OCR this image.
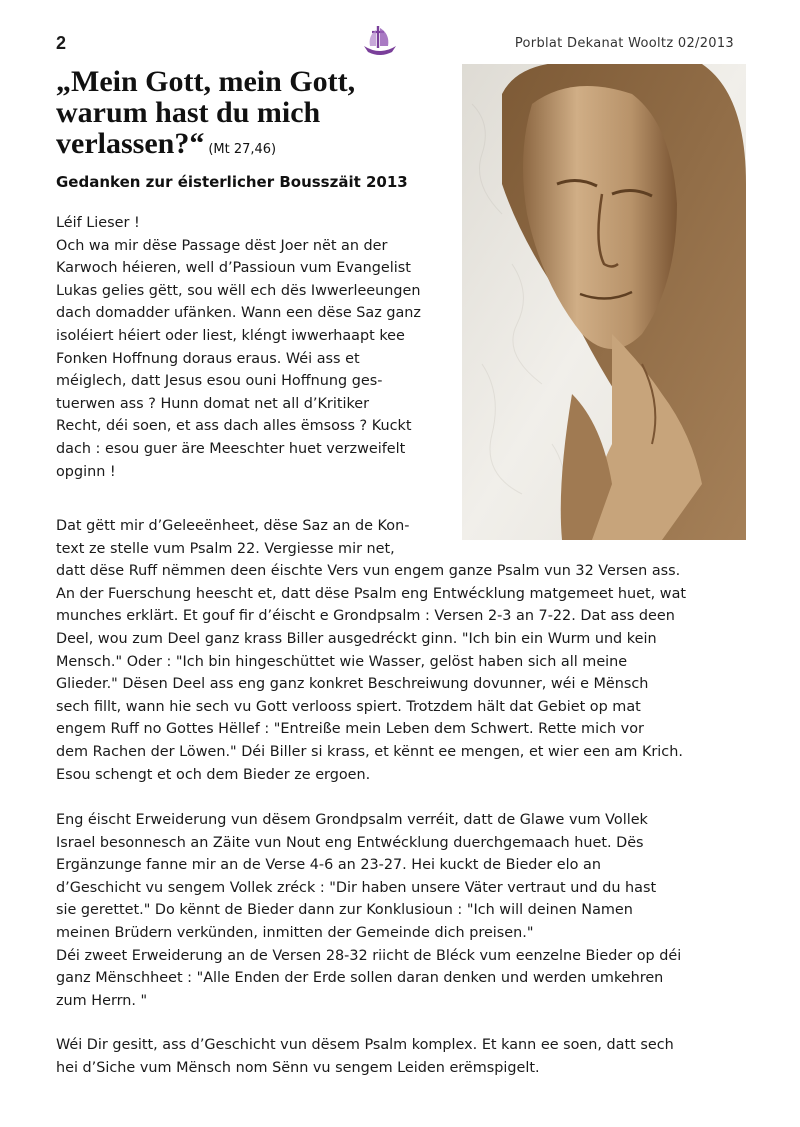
2	Porblat Dekanat Wooltz 02/2013
„Mein Gott, mein Gott,
warum hast du mich
verlassen?“ (Mt 27,46)
Gedanken zur éisterlicher Bousszäit 2013

Léif Lieser !

Och wa mir dëse Passage dëst Joer nët an der
Karwoch héieren, well d’Passioun vum Evangelist
Lukas gelies gëtt, sou wëll ech dës Iwwerleeungen
dach domadder ufänken. Wann een dëse Saz ganz
isoléiert héiert oder liest, kléngt iwwerhaapt kee
Fonken Hoffnung doraus eraus. Wéi ass et
méiglech, datt Jesus esou ouni Hoffnung ges-
tuerwen ass ? Hunn domat net all d’Kritiker
Recht, déi soen, et ass dach alles ëmsoss ? Kuckt
dach : esou guer äre Meeschter huet verzweifelt
opginn !

Dat gëtt mir d’Geleeënheet, dëse Saz an de Kon-
text ze stelle vum Psalm 22. Vergiesse mir net,
datt dëse Ruff nëmmen deen éischte Vers vun engem ganze Psalm vun 32 Versen ass.
An der Fuerschung heescht et, datt dëse Psalm eng Entwécklung matgemeet huet, wat
munches erklärt. Et gouf fir d’éischt e Grondpsalm : Versen 2-3 an 7-22. Dat ass deen
Deel, wou zum Deel ganz krass Biller ausgedréckt ginn. "Ich bin ein Wurm und kein
Mensch." Oder : "Ich bin hingeschüttet wie Wasser, gelöst haben sich all meine
Glieder." Dësen Deel ass eng ganz konkret Beschreiwung dovunner, wéi e Mënsch
sech fillt, wann hie sech vu Gott verlooss spiert. Trotzdem hält dat Gebiet op mat
engem Ruff no Gottes Hëllef : "Entreiße mein Leben dem Schwert. Rette mich vor
dem Rachen der Löwen." Déi Biller si krass, et kënnt ee mengen, et wier een am Krich.
Esou schengt et och dem Bieder ze ergoen.
Eng éischt Erweiderung vun dësem Grondpsalm verréit, datt de Glawe vum Vollek
Israel besonnesch an Zäite vun Nout eng Entwécklung duerchgemaach huet. Dës
Ergänzunge fanne mir an de Verse 4-6 an 23-27. Hei kuckt de Bieder elo an
d’Geschicht vu sengem Vollek zréck : "Dir haben unsere Väter vertraut und du hast
sie gerettet." Do kënnt de Bieder dann zur Konklusioun : "Ich will deinen Namen
meinen Brüdern verkünden, inmitten der Gemeinde dich preisen."
Déi zweet Erweiderung an de Versen 28-32 riicht de Bléck vum eenzelne Bieder op déi
ganz Mënschheet : "Alle Enden der Erde sollen daran denken und werden umkehren
zum Herrn. "
Wéi Dir gesitt, ass d’Geschicht vun dësem Psalm komplex. Et kann ee soen, datt sech
hei d’Siche vum Mënsch nom Sënn vu sengem Leiden erëmspigelt.
